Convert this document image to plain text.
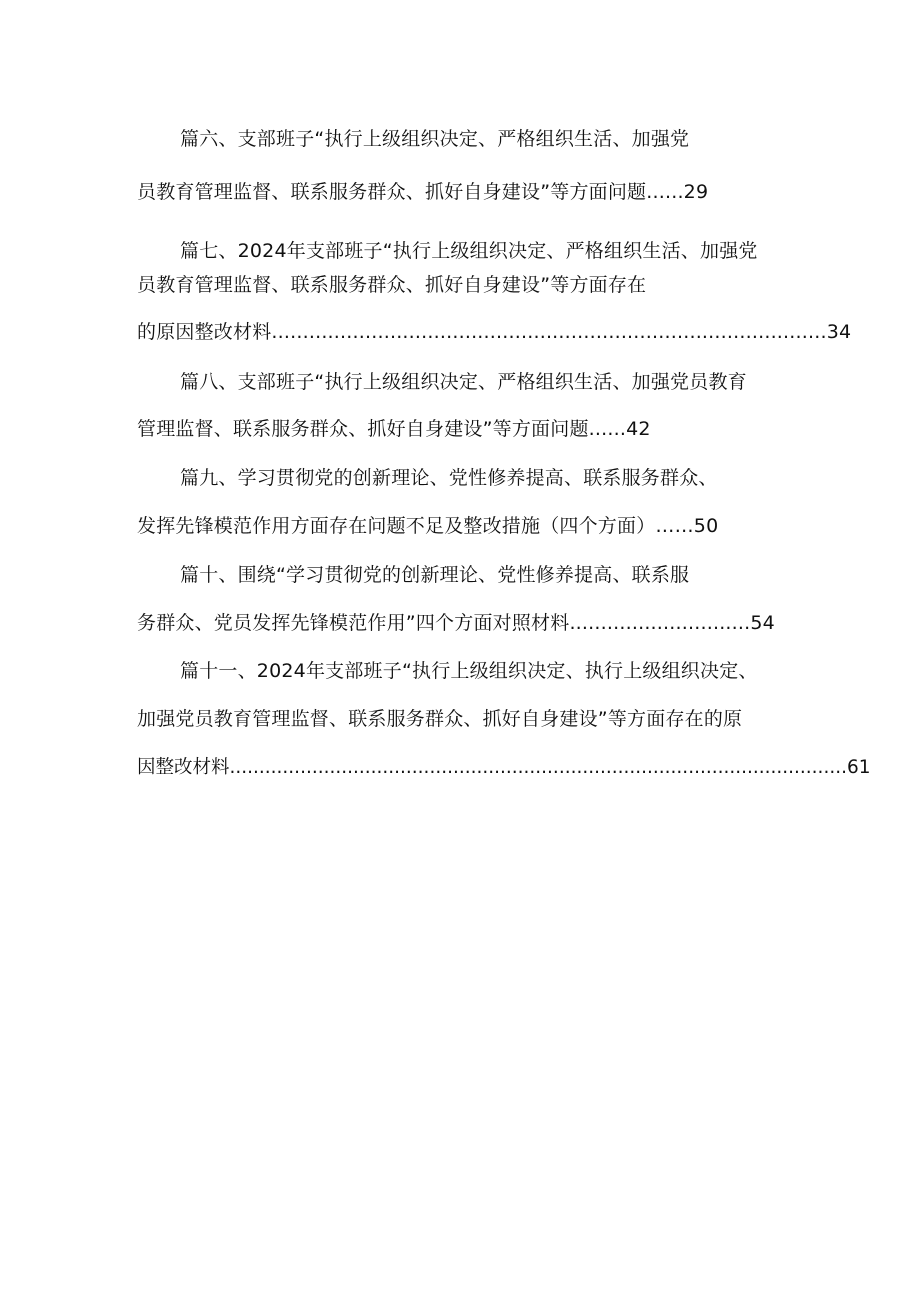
篇六、支部班子“执行上级组织决定、严格组织生活、加强党
员教育管理监督、联系服务群众、抓好自身建设”等方面问题......29
篇七、2024年支部班子“执行上级组织决定、严格组织生活、加强党
员教育管理监督、联系服务群众、抓好自身建设”等方面存在
的原因整改材料.........................................................................................34
篇八、支部班子“执行上级组织决定、严格组织生活、加强党员教育
管理监督、联系服务群众、抓好自身建设”等方面问题......42
篇九、学习贯彻党的创新理论、党性修养提高、联系服务群众、
发挥先锋模范作用方面存在问题不足及整改措施（四个方面）……50
篇十、围绕“学习贯彻党的创新理论、党性修养提高、联系服
务群众、党员发挥先锋模范作用”四个方面对照材料.............................54
篇十一、2024年支部班子“执行上级组织决定、执行上级组织决定、
加强党员教育管理监督、联系服务群众、抓好自身建设”等方面存在的原
因整改材料.........................................................................................................61
